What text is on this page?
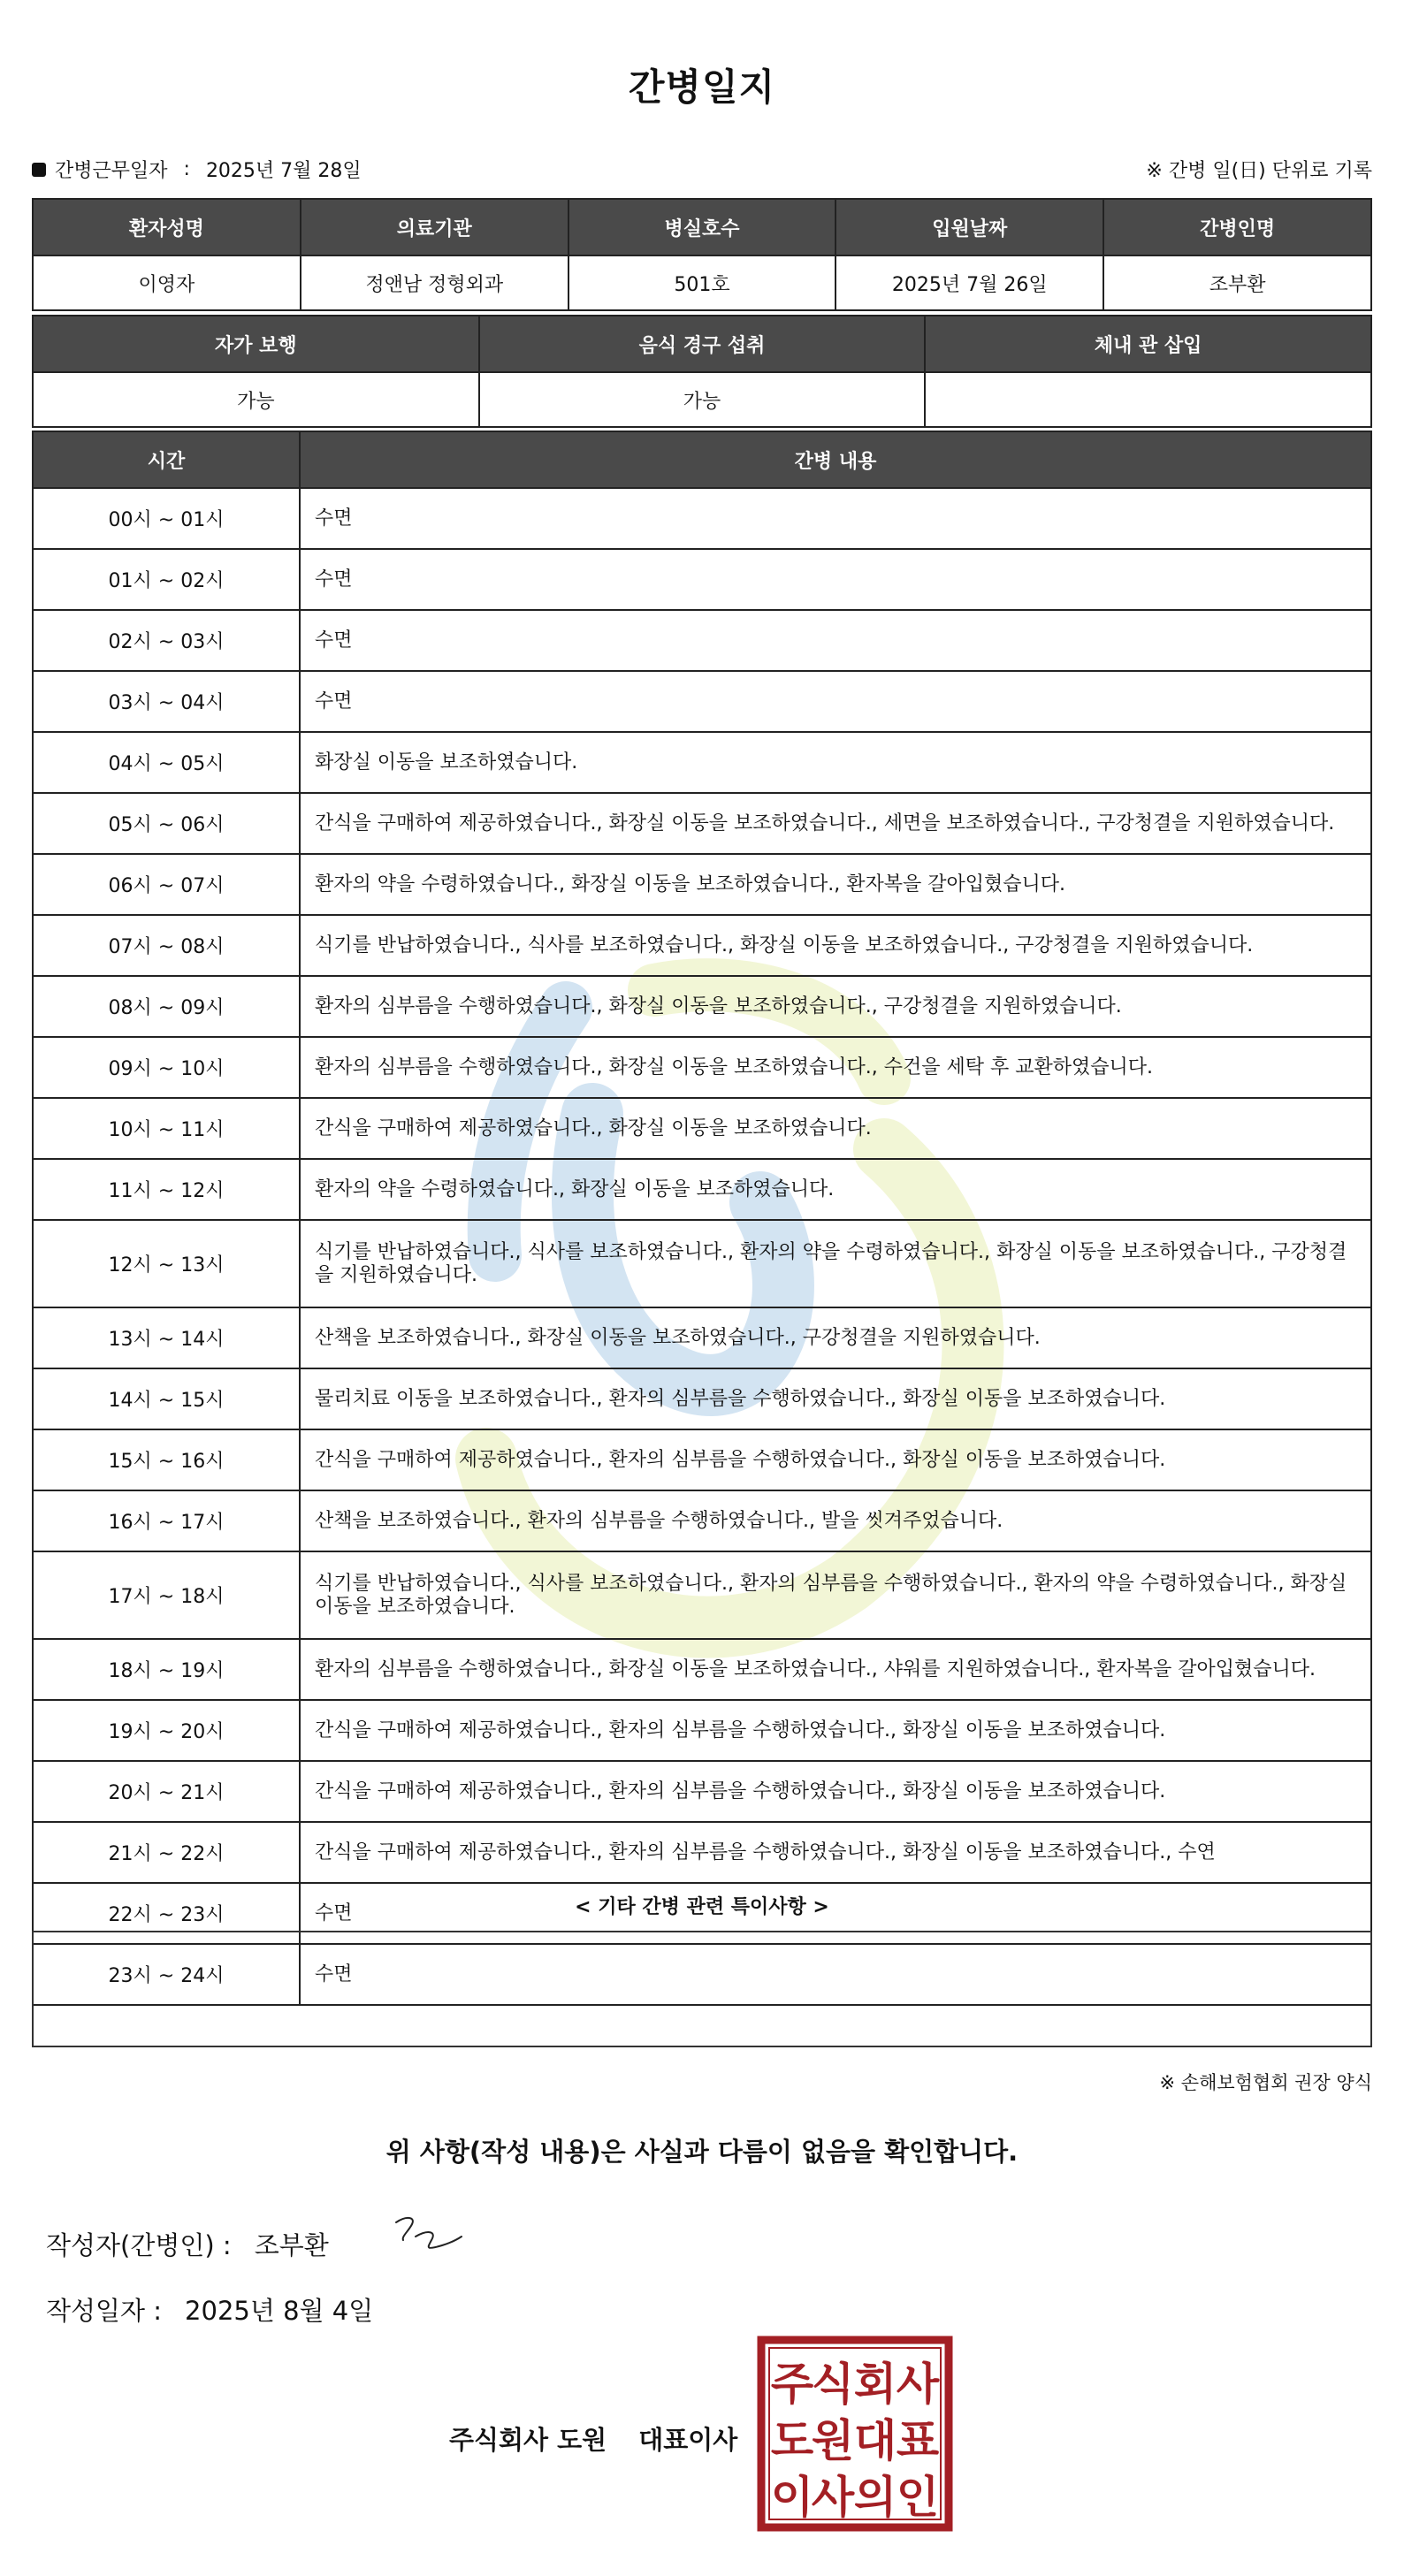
간병일지
간병근무일자 : 2025년 7월 28일	※ 간병 일(日) 단위로 기록
환자성명	의료기관	병실호수	입원날짜	간병인명
이영자	정앤남 정형외과	501호	2025년 7월 26일	조부환
자가 보행	음식 경구 섭취	체내 관 삽입
가능	가능	
시간	간병 내용
00시 ~ 01시	수면
01시 ~ 02시	수면
02시 ~ 03시	수면
03시 ~ 04시	수면
04시 ~ 05시	화장실 이동을 보조하였습니다.
05시 ~ 06시	간식을 구매하여 제공하였습니다., 화장실 이동을 보조하였습니다., 세면을 보조하였습니다., 구강청결을 지원하였습니다.
06시 ~ 07시	환자의 약을 수령하였습니다., 화장실 이동을 보조하였습니다., 환자복을 갈아입혔습니다.
07시 ~ 08시	식기를 반납하였습니다., 식사를 보조하였습니다., 화장실 이동을 보조하였습니다., 구강청결을 지원하였습니다.
08시 ~ 09시	환자의 심부름을 수행하였습니다., 화장실 이동을 보조하였습니다., 구강청결을 지원하였습니다.
09시 ~ 10시	환자의 심부름을 수행하였습니다., 화장실 이동을 보조하였습니다., 수건을 세탁 후 교환하였습니다.
10시 ~ 11시	간식을 구매하여 제공하였습니다., 화장실 이동을 보조하였습니다.
11시 ~ 12시	환자의 약을 수령하였습니다., 화장실 이동을 보조하였습니다.
12시 ~ 13시	식기를 반납하였습니다., 식사를 보조하였습니다., 환자의 약을 수령하였습니다., 화장실 이동을 보조하였습니다., 구강청결을 지원하였습니다.
13시 ~ 14시	산책을 보조하였습니다., 화장실 이동을 보조하였습니다., 구강청결을 지원하였습니다.
14시 ~ 15시	물리치료 이동을 보조하였습니다., 환자의 심부름을 수행하였습니다., 화장실 이동을 보조하였습니다.
15시 ~ 16시	간식을 구매하여 제공하였습니다., 환자의 심부름을 수행하였습니다., 화장실 이동을 보조하였습니다.
16시 ~ 17시	산책을 보조하였습니다., 환자의 심부름을 수행하였습니다., 발을 씻겨주었습니다.
17시 ~ 18시	식기를 반납하였습니다., 식사를 보조하였습니다., 환자의 심부름을 수행하였습니다., 환자의 약을 수령하였습니다., 화장실 이동을 보조하였습니다.
18시 ~ 19시	환자의 심부름을 수행하였습니다., 화장실 이동을 보조하였습니다., 샤워를 지원하였습니다., 환자복을 갈아입혔습니다.
19시 ~ 20시	간식을 구매하여 제공하였습니다., 환자의 심부름을 수행하였습니다., 화장실 이동을 보조하였습니다.
20시 ~ 21시	간식을 구매하여 제공하였습니다., 환자의 심부름을 수행하였습니다., 화장실 이동을 보조하였습니다.
21시 ~ 22시	간식을 구매하여 제공하였습니다., 환자의 심부름을 수행하였습니다., 화장실 이동을 보조하였습니다., 수연
22시 ~ 23시	수면
23시 ~ 24시	수면
< 기타 간병 관련 특이사항 >
※ 손해보험협회 권장 양식
위 사항(작성 내용)은 사실과 다름이 없음을 확인합니다.
작성자(간병인) : 조부환
작성일자 : 2025년 8월 4일
주식회사 도원 대표이사
주
식 회 사
도
원 대 표
이
사 의 인
